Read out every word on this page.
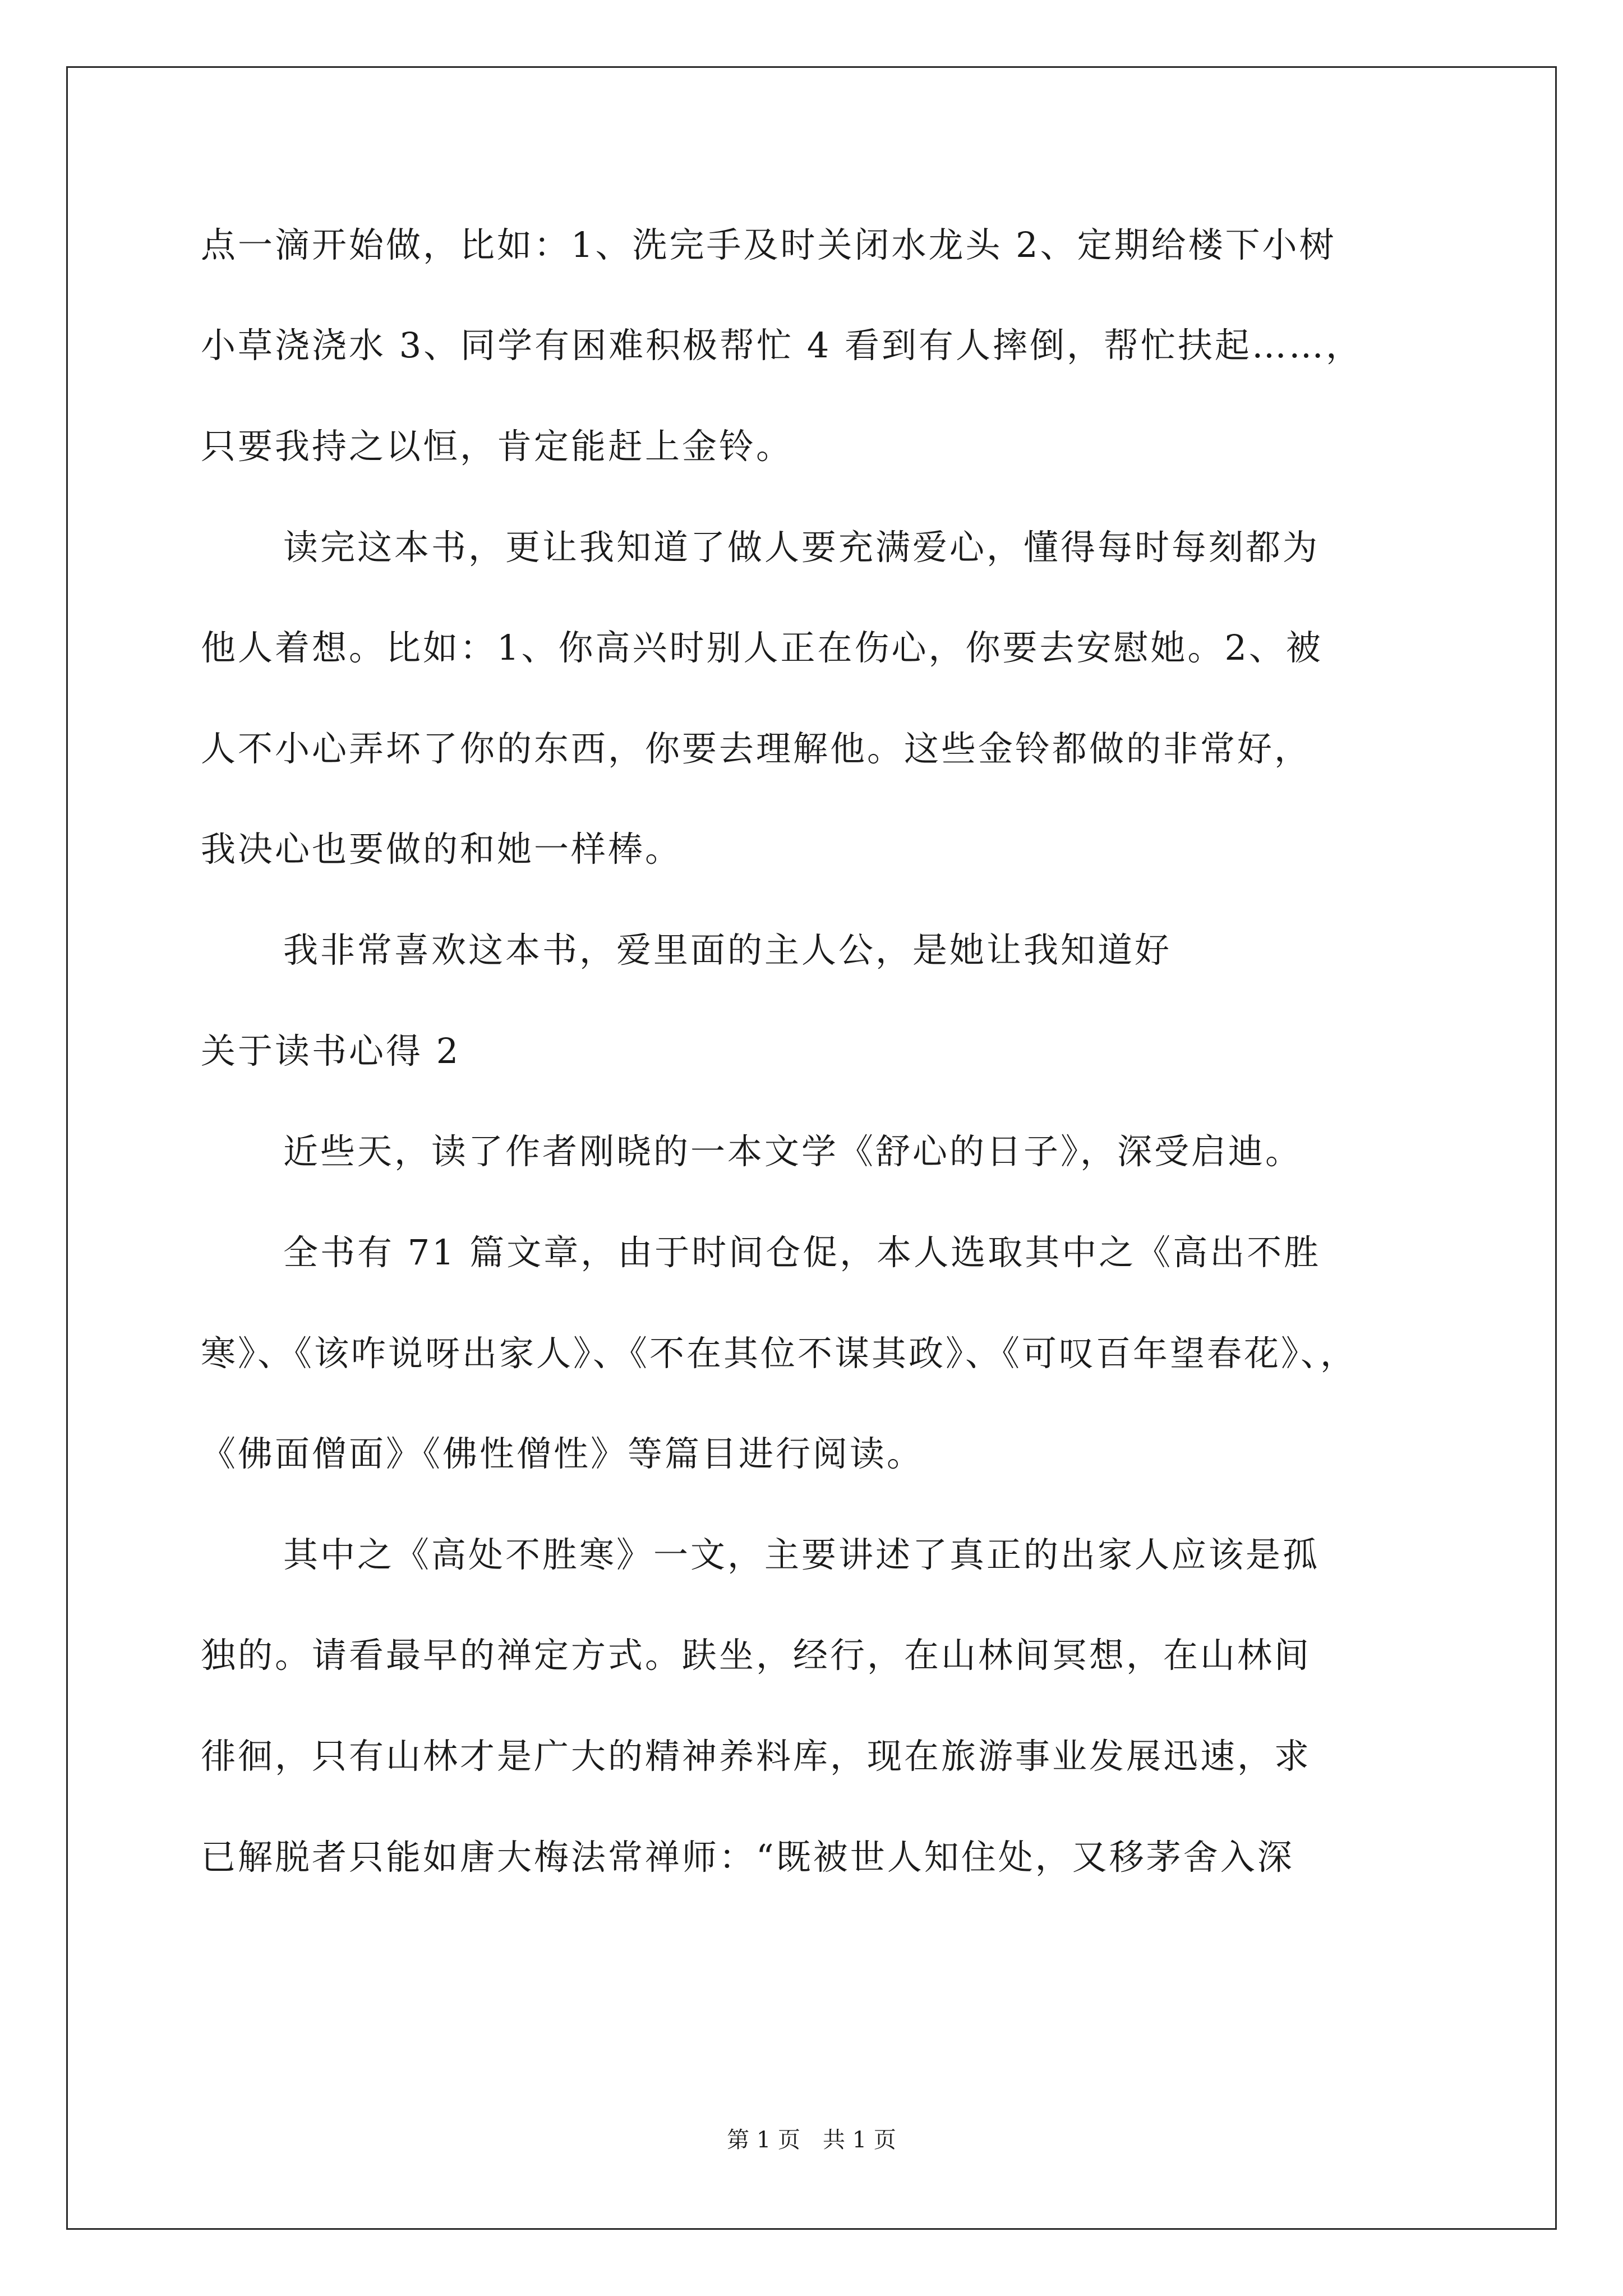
点一滴开始做，比如：1、洗完手及时关闭水龙头 2、定期给楼下小树
小草浇浇水 3、同学有困难积极帮忙 4 看到有人摔倒，帮忙扶起……，
只要我持之以恒，肯定能赶上金铃。
读完这本书，更让我知道了做人要充满爱心，懂得每时每刻都为
他人着想。比如：1、你高兴时别人正在伤心，你要去安慰她。2、被
人不小心弄坏了你的东西，你要去理解他。这些金铃都做的非常好，
我决心也要做的和她一样棒。
我非常喜欢这本书，爱里面的主人公，是她让我知道好
关于读书心得 2
近些天，读了作者刚晓的一本文学《舒心的日子》，深受启迪。
全书有 71 篇文章，由于时间仓促，本人选取其中之《高出不胜
寒》、《该咋说呀出家人》、《不在其位不谋其政》、《可叹百年望春花》、，
《佛面僧面》《佛性僧性》等篇目进行阅读。
其中之《高处不胜寒》一文，主要讲述了真正的出家人应该是孤
独的。请看最早的禅定方式。趺坐，经行，在山林间冥想，在山林间
徘徊，只有山林才是广大的精神养料库，现在旅游事业发展迅速，求
已解脱者只能如唐大梅法常禅师：“既被世人知住处，又移茅舍入深
第 1 页　共 1 页
